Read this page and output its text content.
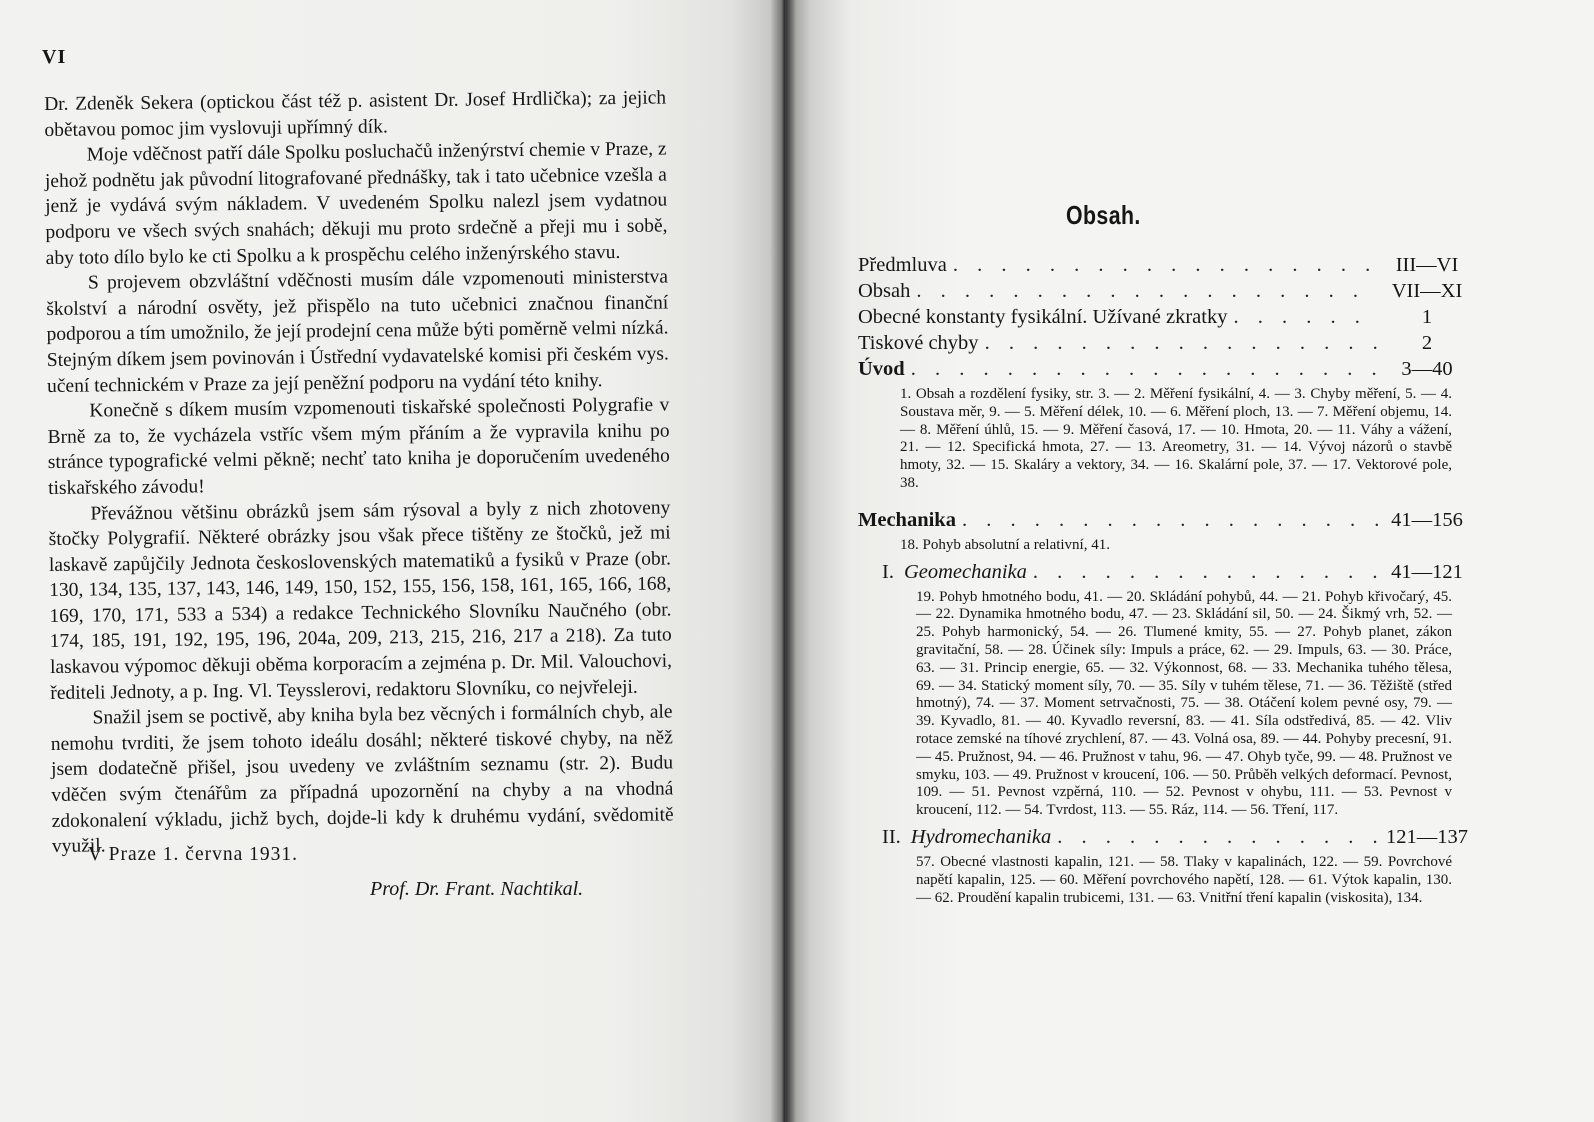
VI

Dr. Zdeněk Sekera (optickou část též p. asistent Dr. Josef Hrdlička); za jejich obětavou pomoc jim vyslovuji upřímný dík.

Moje vděčnost patří dále Spolku posluchačů inženýrství chemie v Praze, z jehož podnětu jak původní litografované přednášky, tak i tato učebnice vzešla a jenž je vydává svým nákladem. V uvedeném Spolku nalezl jsem vydatnou podporu ve všech svých snahách; děkuji mu proto srdečně a přeji mu i sobě, aby toto dílo bylo ke cti Spolku a k prospěchu celého inženýrského stavu.

S projevem obzvláštní vděčnosti musím dále vzpomenouti ministerstva školství a národní osvěty, jež přispělo na tuto učebnici značnou finanční podporou a tím umožnilo, že její prodejní cena může býti poměrně velmi nízká. Stejným díkem jsem povinován i Ústřední vydavatelské komisi při českém vys. učení technickém v Praze za její peněžní podporu na vydání této knihy.

Konečně s díkem musím vzpomenouti tiskařské společnosti Polygrafie v Brně za to, že vycházela vstříc všem mým přáním a že vypravila knihu po stránce typografické velmi pěkně; nechť tato kniha je doporučením uvedeného tiskařského závodu!

Převážnou většinu obrázků jsem sám rýsoval a byly z nich zhotoveny štočky Polygrafií. Některé obrázky jsou však přece tištěny ze štočků, jež mi laskavě zapůjčily Jednota československých matematiků a fysiků v Praze (obr. 130, 134, 135, 137, 143, 146, 149, 150, 152, 155, 156, 158, 161, 165, 166, 168, 169, 170, 171, 533 a 534) a redakce Technického Slovníku Naučného (obr. 174, 185, 191, 192, 195, 196, 204a, 209, 213, 215, 216, 217 a 218). Za tuto laskavou výpomoc děkuji oběma korporacím a zejména p. Dr. Mil. Valouchovi, řediteli Jednoty, a p. Ing. Vl. Teysslerovi, redaktoru Slovníku, co nejvřeleji.

Snažil jsem se poctivě, aby kniha byla bez věcných i formálních chyb, ale nemohu tvrditi, že jsem tohoto ideálu dosáhl; některé tiskové chyby, na něž jsem dodatečně přišel, jsou uvedeny ve zvláštním seznamu (str. 2). Budu vděčen svým čtenářům za případná upozornění na chyby a na vhodná zdokonalení výkladu, jichž bych, dojde-li kdy k druhému vydání, svědomitě využil.

V Praze 1. června 1931.
Prof. Dr. Frant. Nachtikal.
Obsah.
Předmluva . . .	III—VI
Obsah . . .	VII—XI
Obecné konstanty fysikální. Užívané zkratky . . .	1
Tiskové chyby . . .	2
Úvod . . .	3—40
1. Obsah a rozdělení fysiky, str. 3. — 2. Měření fysikální, 4. — 3. Chyby měření, 5. — 4. Soustava měr, 9. — 5. Měření délek, 10. — 6. Měření ploch, 13. — 7. Měření objemu, 14. — 8. Měření úhlů, 15. — 9. Měření časová, 17. — 10. Hmota, 20. — 11. Váhy a vážení, 21. — 12. Specifická hmota, 27. — 13. Areometry, 31. — 14. Vývoj názorů o stavbě hmoty, 32. — 15. Skaláry a vektory, 34. — 16. Skalární pole, 37. — 17. Vektorové pole, 38.
Mechanika . . .	41—156
18. Pohyb absolutní a relativní, 41.
I. Geomechanika . . .	41—121
19. Pohyb hmotného bodu, 41. — 20. Skládání pohybů, 44. — 21. Pohyb křivočarý, 45. — 22. Dynamika hmotného bodu, 47. — 23. Skládání sil, 50. — 24. Šikmý vrh, 52. — 25. Pohyb harmonický, 54. — 26. Tlumené kmity, 55. — 27. Pohyb planet, zákon gravitační, 58. — 28. Účinek síly: Impuls a práce, 62. — 29. Impuls, 63. — 30. Práce, 63. — 31. Princip energie, 65. — 32. Výkonnost, 68. — 33. Mechanika tuhého tělesa, 69. — 34. Statický moment síly, 70. — 35. Síly v tuhém tělese, 71. — 36. Těžiště (střed hmotný), 74. — 37. Moment setrvačnosti, 75. — 38. Otáčení kolem pevné osy, 79. — 39. Kyvadlo, 81. — 40. Kyvadlo reversní, 83. — 41. Síla odstředivá, 85. — 42. Vliv rotace zemské na tíhové zrychlení, 87. — 43. Volná osa, 89. — 44. Pohyby precesní, 91. — 45. Pružnost, 94. — 46. Pružnost v tahu, 96. — 47. Ohyb tyče, 99. — 48. Pružnost ve smyku, 103. — 49. Pružnost v kroucení, 106. — 50. Průběh velkých deformací. Pevnost, 109. — 51. Pevnost vzpěrná, 110. — 52. Pevnost v ohybu, 111. — 53. Pevnost v kroucení, 112. — 54. Tvrdost, 113. — 55. Ráz, 114. — 56. Tření, 117.
II. Hydromechanika . . .	121—137
57. Obecné vlastnosti kapalin, 121. — 58. Tlaky v kapalinách, 122. — 59. Povrchové napětí kapalin, 125. — 60. Měření povrchového napětí, 128. — 61. Výtok kapalin, 130. — 62. Proudění kapalin trubicemi, 131. — 63. Vnitřní tření kapalin (viskosita), 134.
